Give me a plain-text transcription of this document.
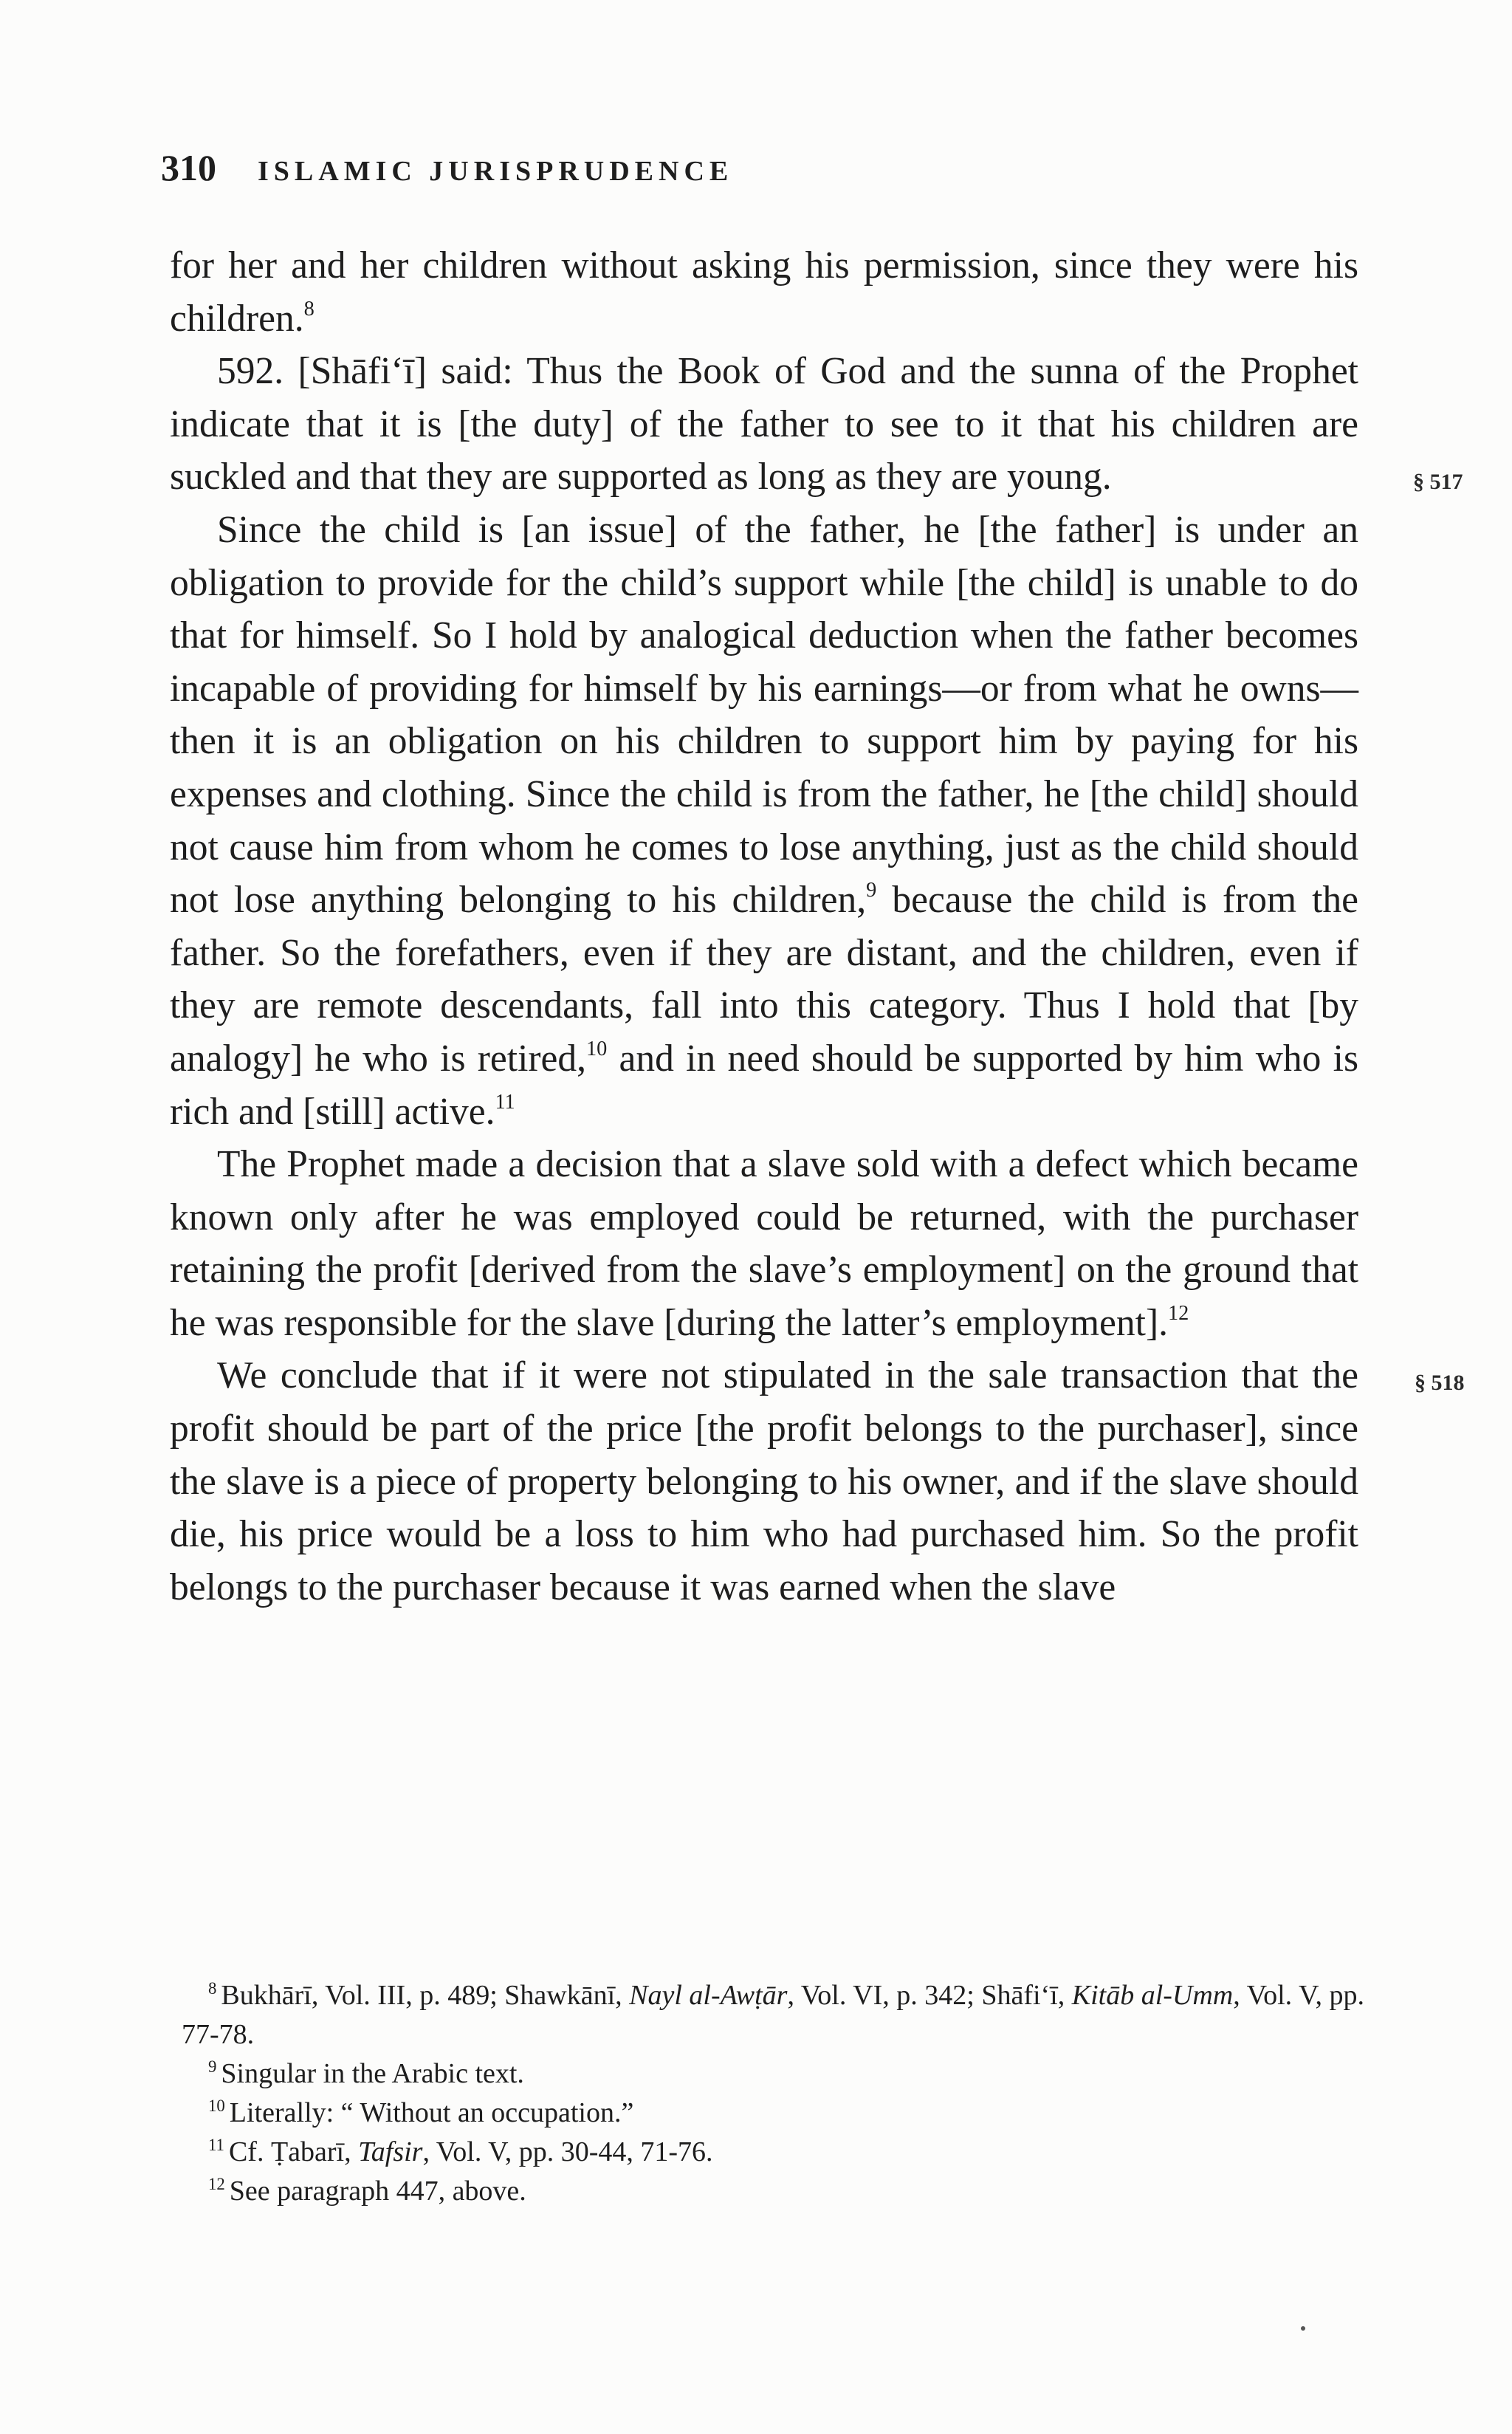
310 ISLAMIC JURISPRUDENCE

for her and her children without asking his permission, since they were his children.$^8$

592. [Shāfi‘ī] said: Thus the Book of God and the sunna of the Prophet indicate that it is [the duty] of the father to see to it that his children are suckled and that they are supported as long as they are young.

Since the child is [an issue] of the father, he [the father] is under an obligation to provide for the child’s support while [the child] is unable to do that for himself. So I hold by analogical deduction when the father becomes incapable of providing for himself by his earnings—or from what he owns—then it is an obligation on his children to support him by paying for his expenses and clothing. Since the child is from the father, he [the child] should not cause him from whom he comes to lose anything, just as the child should not lose anything belonging to his children,$^9$ because the child is from the father. So the forefathers, even if they are distant, and the children, even if they are remote descendants, fall into this category. Thus I hold that [by analogy] he who is retired,$^{10}$ and in need should be supported by him who is rich and [still] active.$^{11}$

The Prophet made a decision that a slave sold with a defect which became known only after he was employed could be returned, with the purchaser retaining the profit [derived from the slave’s employment] on the ground that he was responsible for the slave [during the latter’s employment].$^{12}$

We conclude that if it were not stipulated in the sale transaction that the profit should be part of the price [the profit belongs to the purchaser], since the slave is a piece of property belonging to his owner, and if the slave should die, his price would be a loss to him who had purchased him. So the profit belongs to the purchaser because it was earned when the slave

§ 517
§ 518

$^8$ Bukhārī, Vol. III, p. 489; Shawkānī, Nayl al-Awṭār, Vol. VI, p. 342; Shāfi‘ī, Kitāb al-Umm, Vol. V, pp. 77-78.

$^9$ Singular in the Arabic text.

$^{10}$ Literally: “ Without an occupation.”

$^{11}$ Cf. Ṭabarī, Tafsir, Vol. V, pp. 30-44, 71-76.

$^{12}$ See paragraph 447, above.
